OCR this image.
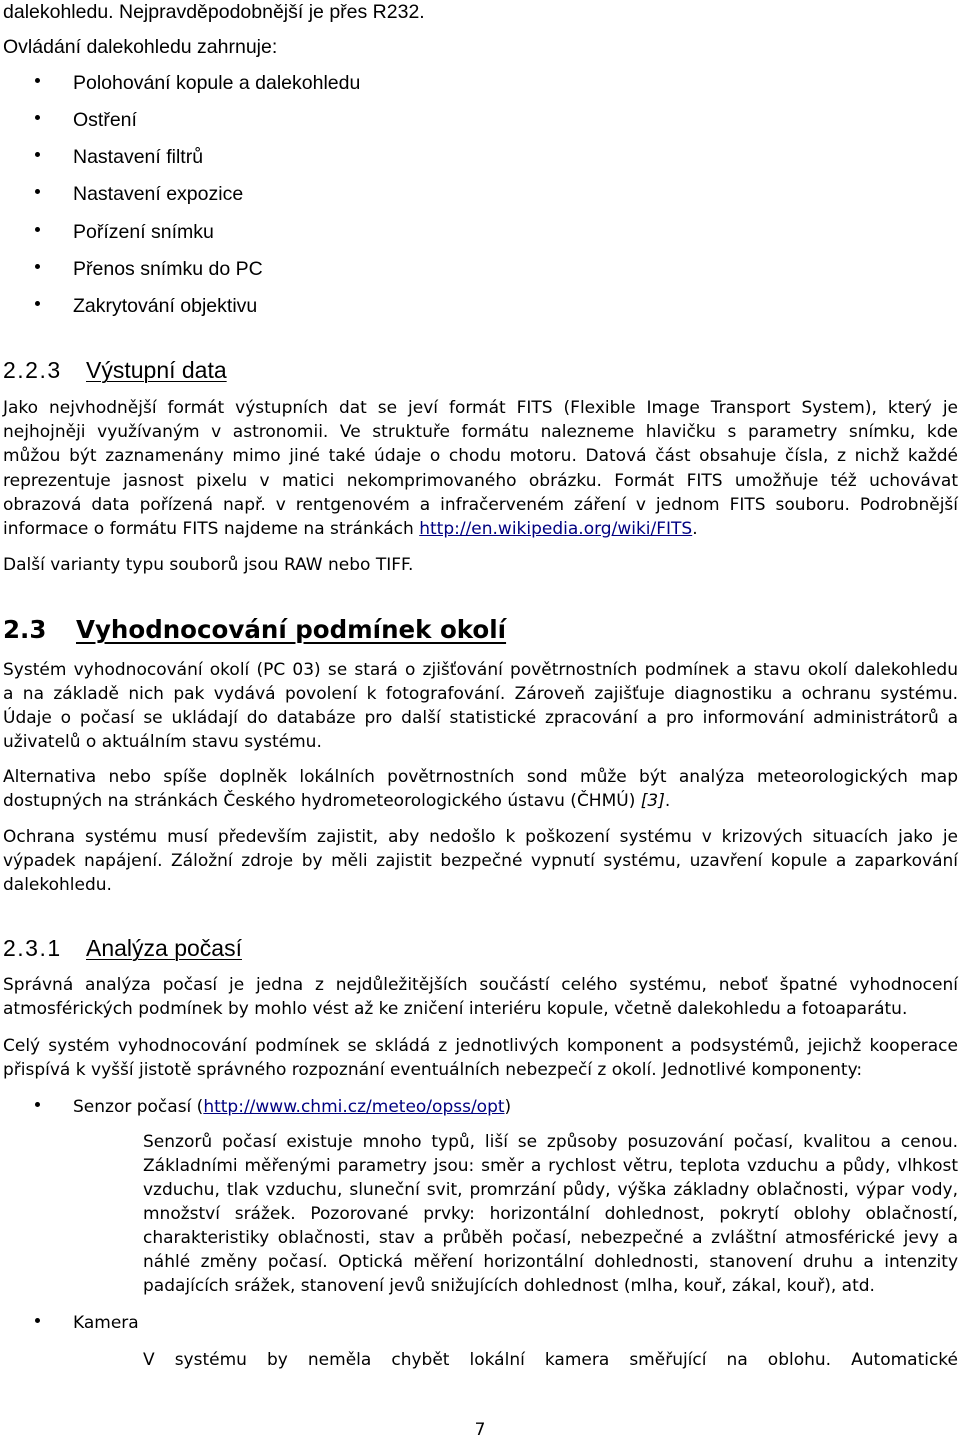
dalekohledu. Nejpravděpodobnější je přes R232.
Ovládání dalekohledu zahrnuje:
Polohování kopule a dalekohledu
Ostření
Nastavení filtrů
Nastavení expozice
Pořízení snímku
Přenos snímku do PC
Zakrytování objektivu
2.2.3 Výstupní data
Jako nejvhodnější formát výstupních dat se jeví formát FITS (Flexible Image Transport System), který je
nejhojněji využívaným v astronomii. Ve struktuře formátu nalezneme hlavičku s parametry snímku, kde
můžou být zaznamenány mimo jiné také údaje o chodu motoru. Datová část obsahuje čísla, z nichž každé
reprezentuje jasnost pixelu v matici nekomprimovaného obrázku. Formát FITS umožňuje též uchovávat
obrazová data pořízená např. v rentgenovém a infračerveném záření v jednom FITS souboru. Podrobnější
informace o formátu FITS najdeme na stránkách http://en.wikipedia.org/wiki/FITS.
Další varianty typu souborů jsou RAW nebo TIFF.
2.3 Vyhodnocování podmínek okolí
Systém vyhodnocování okolí (PC 03) se stará o zjišťování povětrnostních podmínek a stavu okolí dalekohledu
a na základě nich pak vydává povolení k fotografování. Zároveň zajišťuje diagnostiku a ochranu systému.
Údaje o počasí se ukládají do databáze pro další statistické zpracování a pro informování administrátorů a
uživatelů o aktuálním stavu systému.
Alternativa nebo spíše doplněk lokálních povětrnostních sond může být analýza meteorologických map
dostupných na stránkách Českého hydrometeorologického ústavu (ČHMÚ) [3].
Ochrana systému musí především zajistit, aby nedošlo k poškození systému v krizových situacích jako je
výpadek napájení. Záložní zdroje by měli zajistit bezpečné vypnutí systému, uzavření kopule a zaparkování
dalekohledu.
2.3.1 Analýza počasí
Správná analýza počasí je jedna z nejdůležitějších součástí celého systému, neboť špatné vyhodnocení
atmosférických podmínek by mohlo vést až ke zničení interiéru kopule, včetně dalekohledu a fotoaparátu.
Celý systém vyhodnocování podmínek se skládá z jednotlivých komponent a podsystémů, jejichž kooperace
přispívá k vyšší jistotě správného rozpoznání eventuálních nebezpečí z okolí. Jednotlivé komponenty:
Senzor počasí (http://www.chmi.cz/meteo/opss/opt)
Senzorů počasí existuje mnoho typů, liší se způsoby posuzování počasí, kvalitou a cenou.
Základními měřenými parametry jsou: směr a rychlost větru, teplota vzduchu a půdy, vlhkost
vzduchu, tlak vzduchu, sluneční svit, promrzání půdy, výška základny oblačnosti, výpar vody,
množství srážek. Pozorované prvky: horizontální dohlednost, pokrytí oblohy oblačností,
charakteristiky oblačnosti, stav a průběh počasí, nebezpečné a zvláštní atmosférické jevy a
náhlé změny počasí. Optická měření horizontální dohlednosti, stanovení druhu a intenzity
padajících srážek, stanovení jevů snižujících dohlednost (mlha, kouř, zákal, kouř), atd.
Kamera
V systému by neměla chybět lokální kamera směřující na oblohu. Automatické
7
